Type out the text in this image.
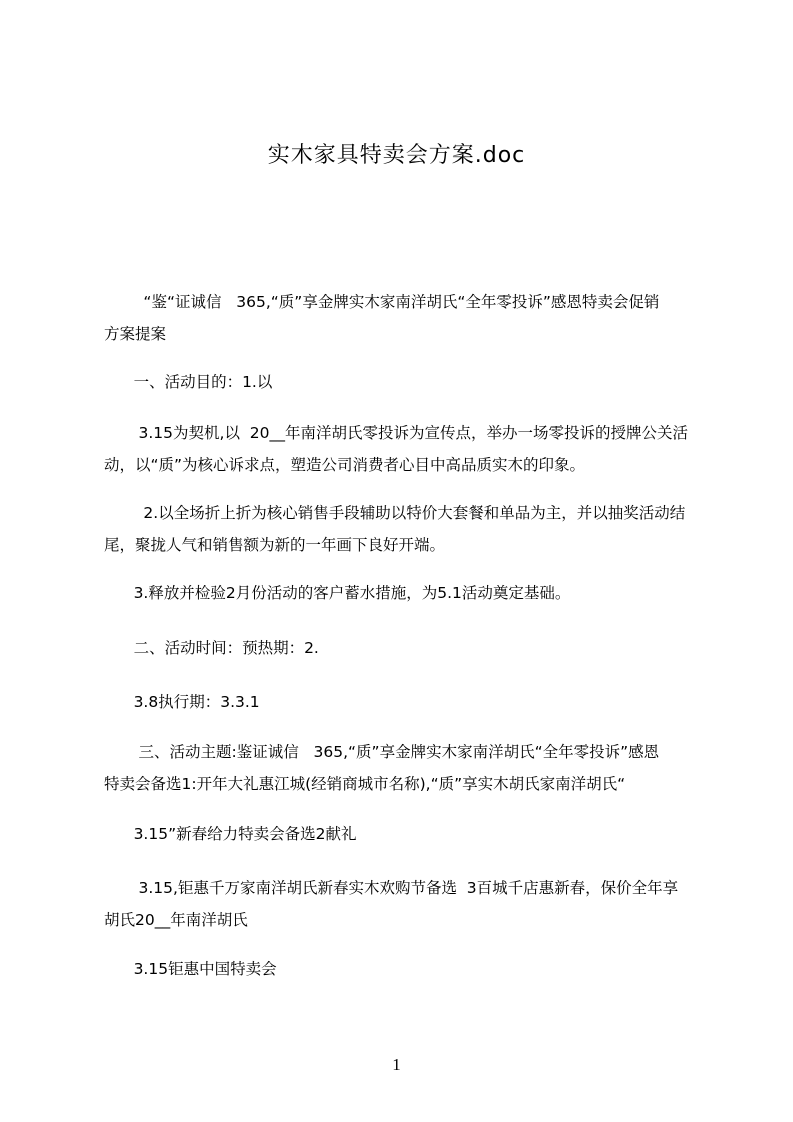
实木家具特卖会方案.doc
“鉴“证诚信   365,“质”享金牌实木家南洋胡氏“全年零投诉”感恩特卖会促销
方案提案
一、活动目的：1.以
3.15为契机,以  20__年南洋胡氏零投诉为宣传点，举办一场零投诉的授牌公关活
动，以“质”为核心诉求点，塑造公司消费者心目中高品质实木的印象。
2.以全场折上折为核心销售手段辅助以特价大套餐和单品为主，并以抽奖活动结
尾，聚拢人气和销售额为新的一年画下良好开端。
3.释放并检验2月份活动的客户蓄水措施，为5.1活动奠定基础。
二、活动时间：预热期：2.
3.8执行期：3.3.1
三、活动主题:鉴证诚信   365,“质”享金牌实木家南洋胡氏“全年零投诉”感恩
特卖会备选1:开年大礼惠江城(经销商城市名称),“质”享实木胡氏家南洋胡氏“
3.15”新春给力特卖会备选2献礼
3.15,钜惠千万家南洋胡氏新春实木欢购节备选  3百城千店惠新春，保价全年享
胡氏20__年南洋胡氏
3.15钜惠中国特卖会
1
